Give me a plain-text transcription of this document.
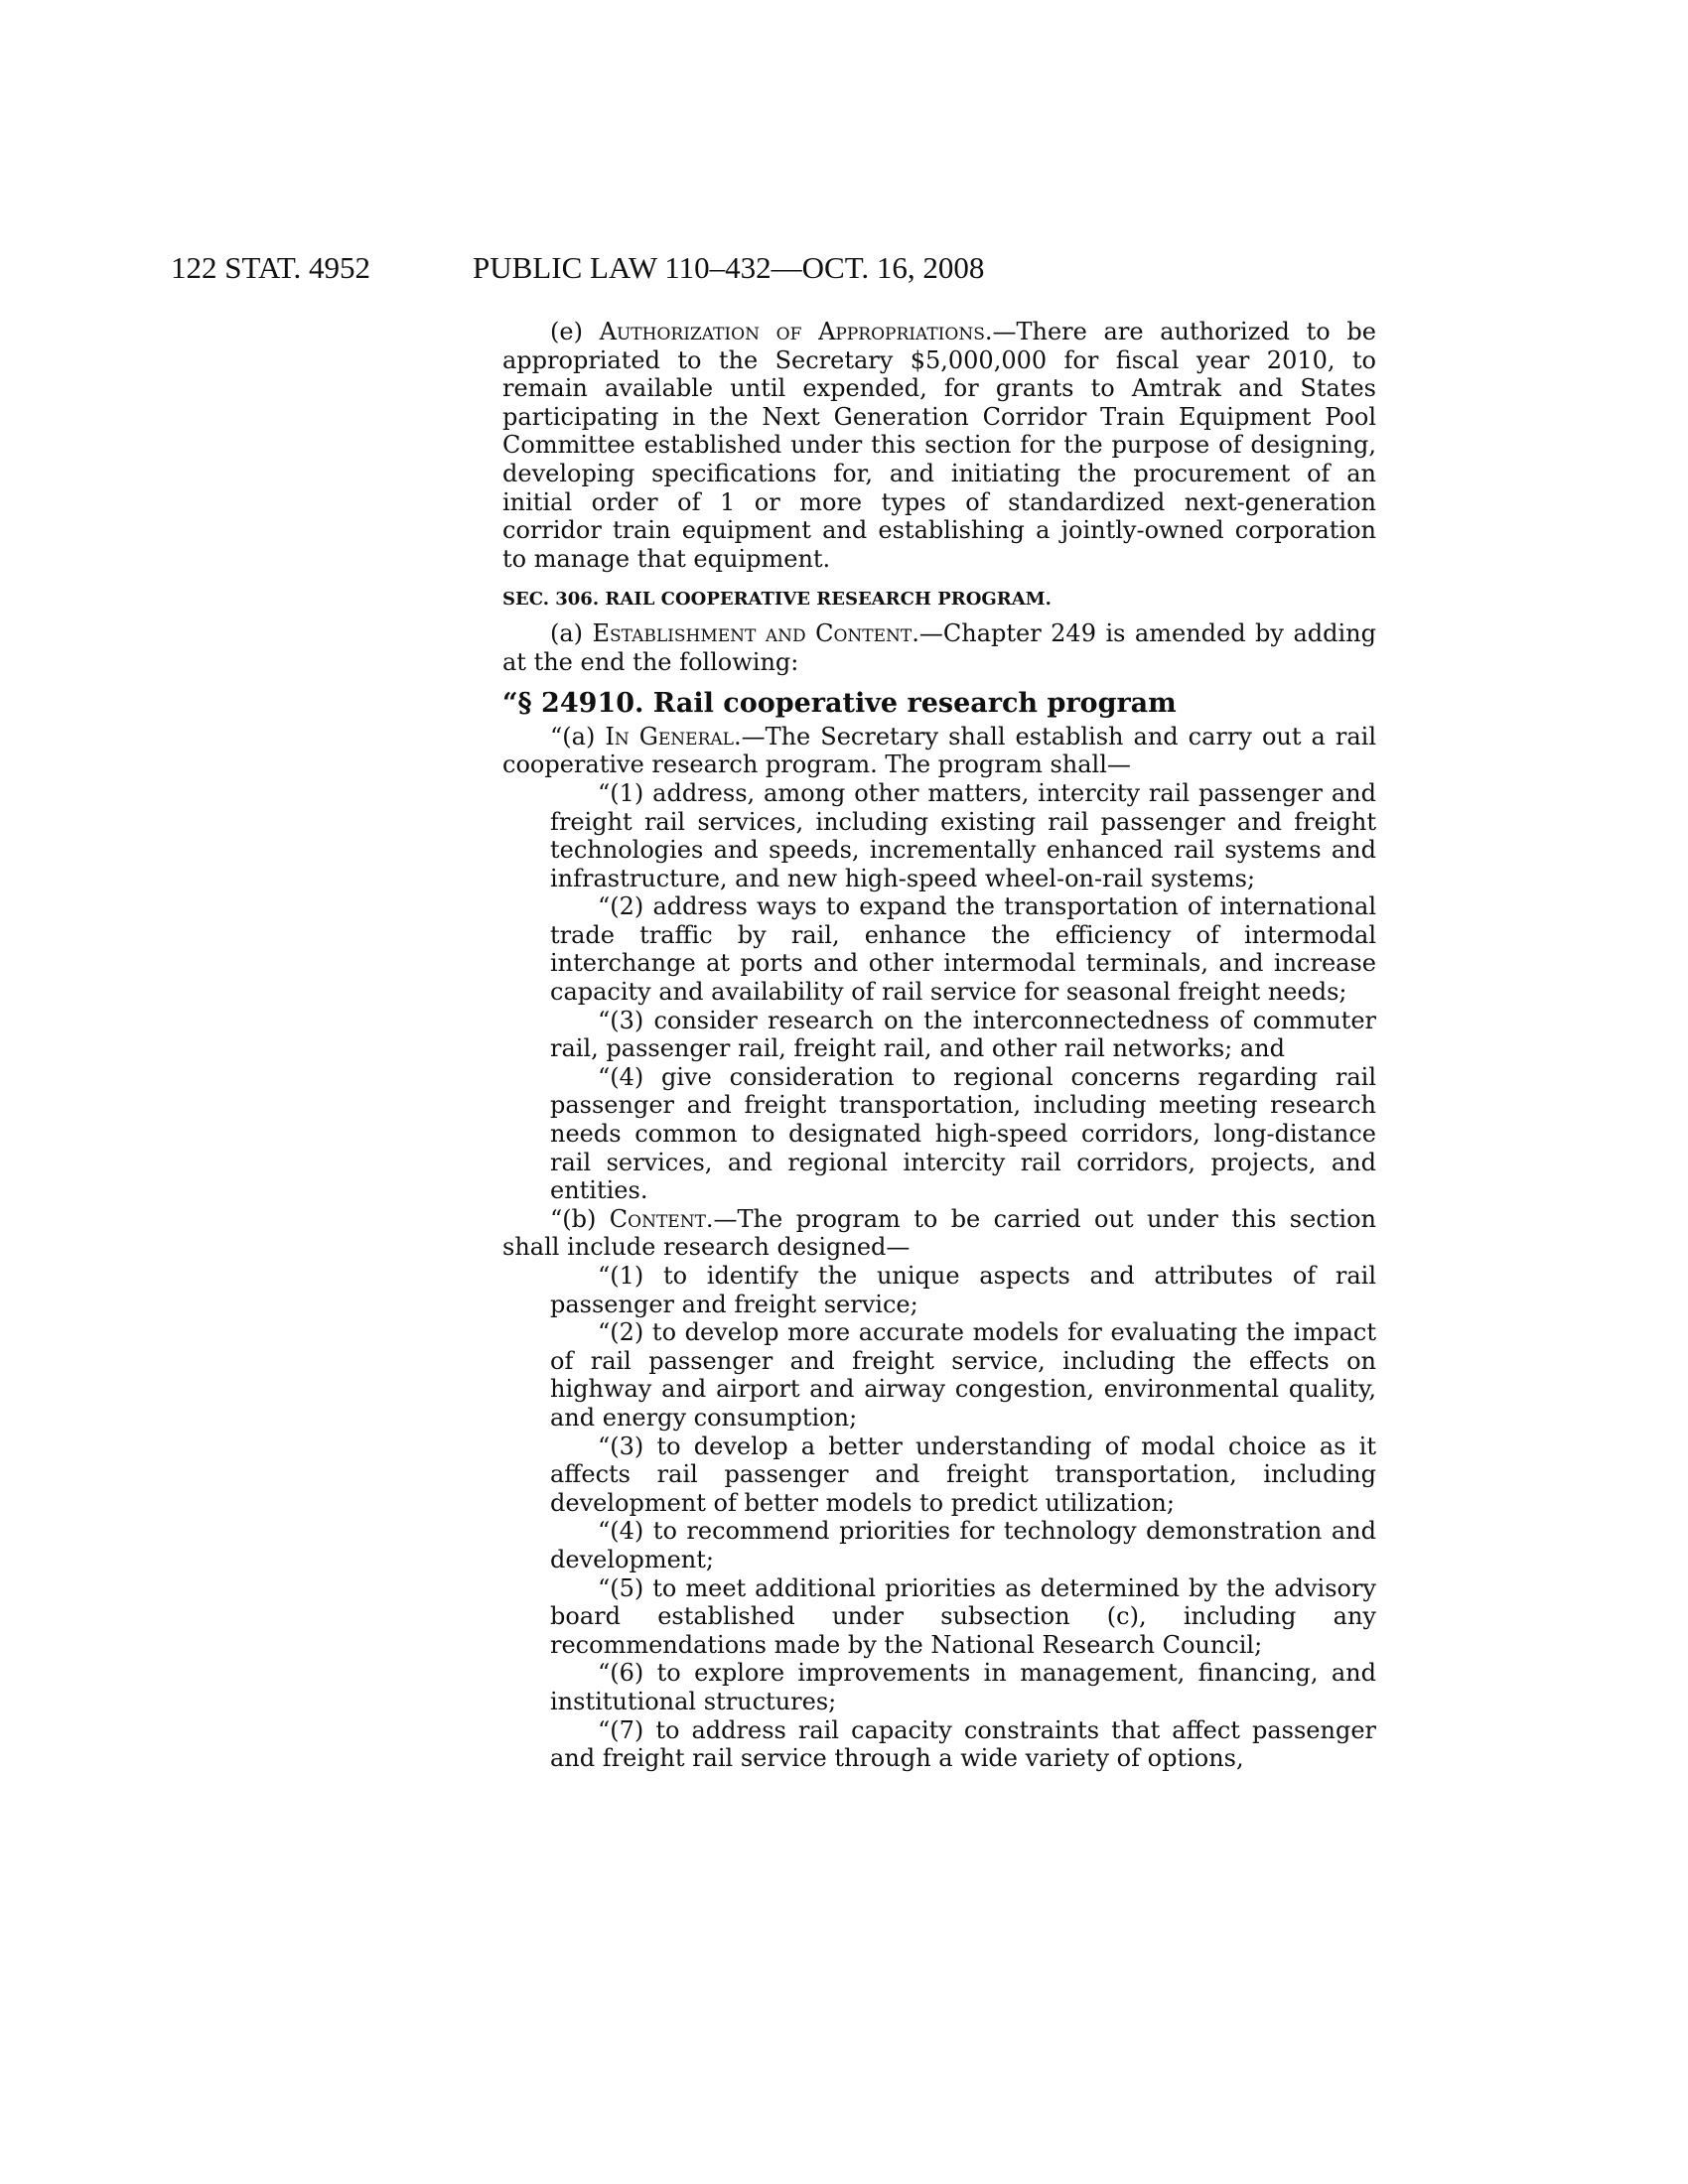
122 STAT. 4952	PUBLIC LAW 110–432—OCT. 16, 2008

(e) Authorization of Appropriations.—There are authorized to be appropriated to the Secretary $5,000,000 for fiscal year 2010, to remain available until expended, for grants to Amtrak and States participating in the Next Generation Corridor Train Equipment Pool Committee established under this section for the purpose of designing, developing specifications for, and initiating the procurement of an initial order of 1 or more types of standardized next-generation corridor train equipment and establishing a jointly-owned corporation to manage that equipment.

SEC. 306. RAIL COOPERATIVE RESEARCH PROGRAM.

(a) Establishment and Content.—Chapter 249 is amended by adding at the end the following:

“§ 24910. Rail cooperative research program

“(a) In General.—The Secretary shall establish and carry out a rail cooperative research program. The program shall—

“(1) address, among other matters, intercity rail passenger and freight rail services, including existing rail passenger and freight technologies and speeds, incrementally enhanced rail systems and infrastructure, and new high-speed wheel-on-rail systems;

“(2) address ways to expand the transportation of international trade traffic by rail, enhance the efficiency of intermodal interchange at ports and other intermodal terminals, and increase capacity and availability of rail service for seasonal freight needs;

“(3) consider research on the interconnectedness of commuter rail, passenger rail, freight rail, and other rail networks; and

“(4) give consideration to regional concerns regarding rail passenger and freight transportation, including meeting research needs common to designated high-speed corridors, long-distance rail services, and regional intercity rail corridors, projects, and entities.

“(b) Content.—The program to be carried out under this section shall include research designed—

“(1) to identify the unique aspects and attributes of rail passenger and freight service;

“(2) to develop more accurate models for evaluating the impact of rail passenger and freight service, including the effects on highway and airport and airway congestion, environmental quality, and energy consumption;

“(3) to develop a better understanding of modal choice as it affects rail passenger and freight transportation, including development of better models to predict utilization;

“(4) to recommend priorities for technology demonstration and development;

“(5) to meet additional priorities as determined by the advisory board established under subsection (c), including any recommendations made by the National Research Council;

“(6) to explore improvements in management, financing, and institutional structures;

“(7) to address rail capacity constraints that affect passenger and freight rail service through a wide variety of options,
